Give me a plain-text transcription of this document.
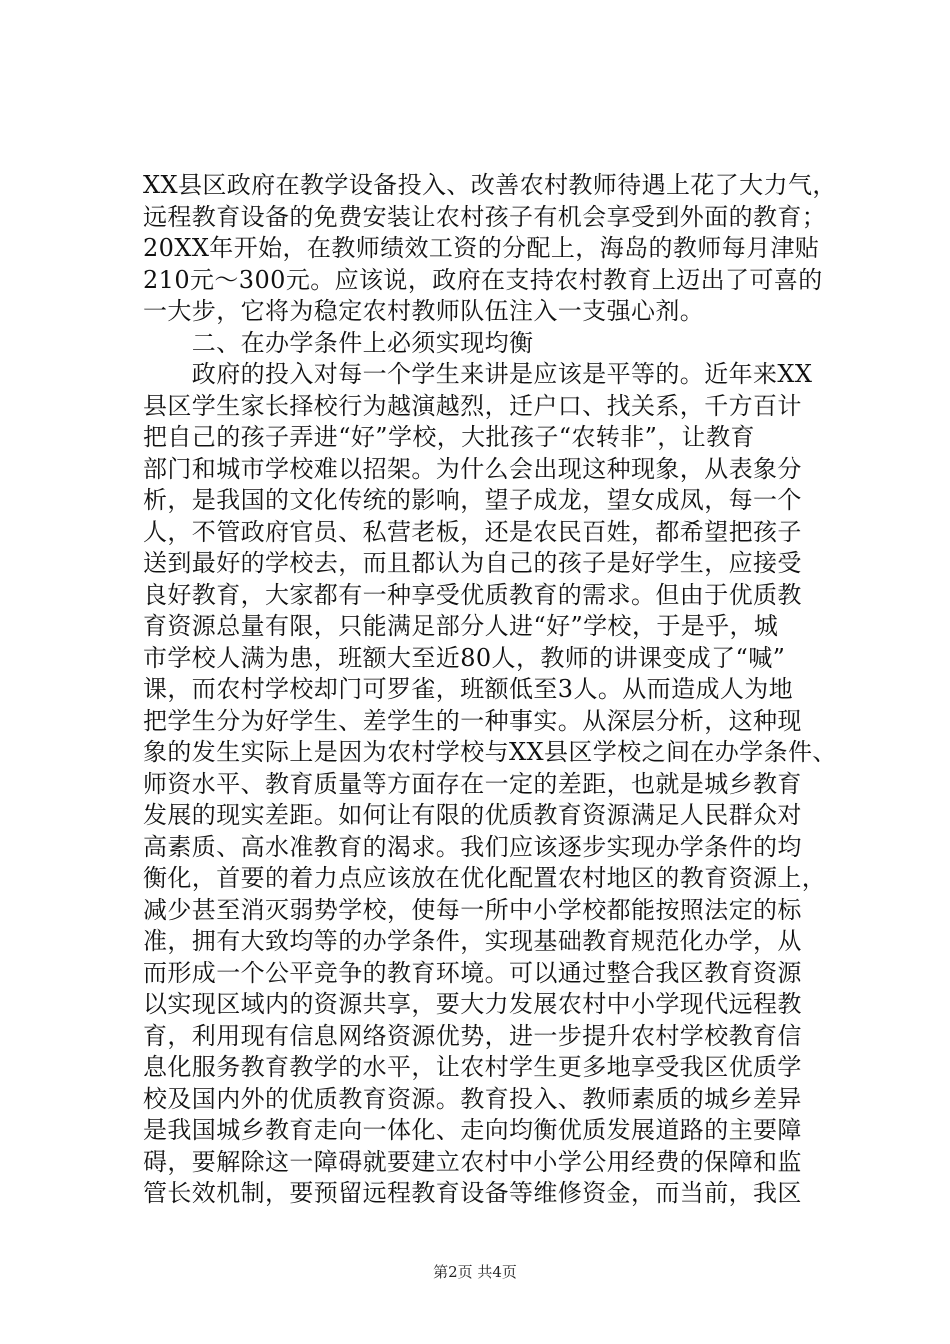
XX县区政府在教学设备投入、改善农村教师待遇上花了大力气，
远程教育设备的免费安装让农村孩子有机会享受到外面的教育；
20XX年开始，在教师绩效工资的分配上，海岛的教师每月津贴
210元～300元。应该说，政府在支持农村教育上迈出了可喜的
一大步，它将为稳定农村教师队伍注入一支强心剂。
　　二、在办学条件上必须实现均衡
　　政府的投入对每一个学生来讲是应该是平等的。近年来XX
县区学生家长择校行为越演越烈，迁户口、找关系，千方百计
把自己的孩子弄进“好”学校，大批孩子“农转非”，让教育
部门和城市学校难以招架。为什么会出现这种现象，从表象分
析，是我国的文化传统的影响，望子成龙，望女成凤，每一个
人，不管政府官员、私营老板，还是农民百姓，都希望把孩子
送到最好的学校去，而且都认为自己的孩子是好学生，应接受
良好教育，大家都有一种享受优质教育的需求。但由于优质教
育资源总量有限，只能满足部分人进“好”学校，于是乎，城
市学校人满为患，班额大至近80人，教师的讲课变成了“喊”
课，而农村学校却门可罗雀，班额低至3人。从而造成人为地
把学生分为好学生、差学生的一种事实。从深层分析，这种现
象的发生实际上是因为农村学校与XX县区学校之间在办学条件、
师资水平、教育质量等方面存在一定的差距，也就是城乡教育
发展的现实差距。如何让有限的优质教育资源满足人民群众对
高素质、高水准教育的渴求。我们应该逐步实现办学条件的均
衡化，首要的着力点应该放在优化配置农村地区的教育资源上，
减少甚至消灭弱势学校，使每一所中小学校都能按照法定的标
准，拥有大致均等的办学条件，实现基础教育规范化办学，从
而形成一个公平竞争的教育环境。可以通过整合我区教育资源
以实现区域内的资源共享，要大力发展农村中小学现代远程教
育，利用现有信息网络资源优势，进一步提升农村学校教育信
息化服务教育教学的水平，让农村学生更多地享受我区优质学
校及国内外的优质教育资源。教育投入、教师素质的城乡差异
是我国城乡教育走向一体化、走向均衡优质发展道路的主要障
碍，要解除这一障碍就要建立农村中小学公用经费的保障和监
管长效机制，要预留远程教育设备等维修资金，而当前，我区
第2页 共4页
